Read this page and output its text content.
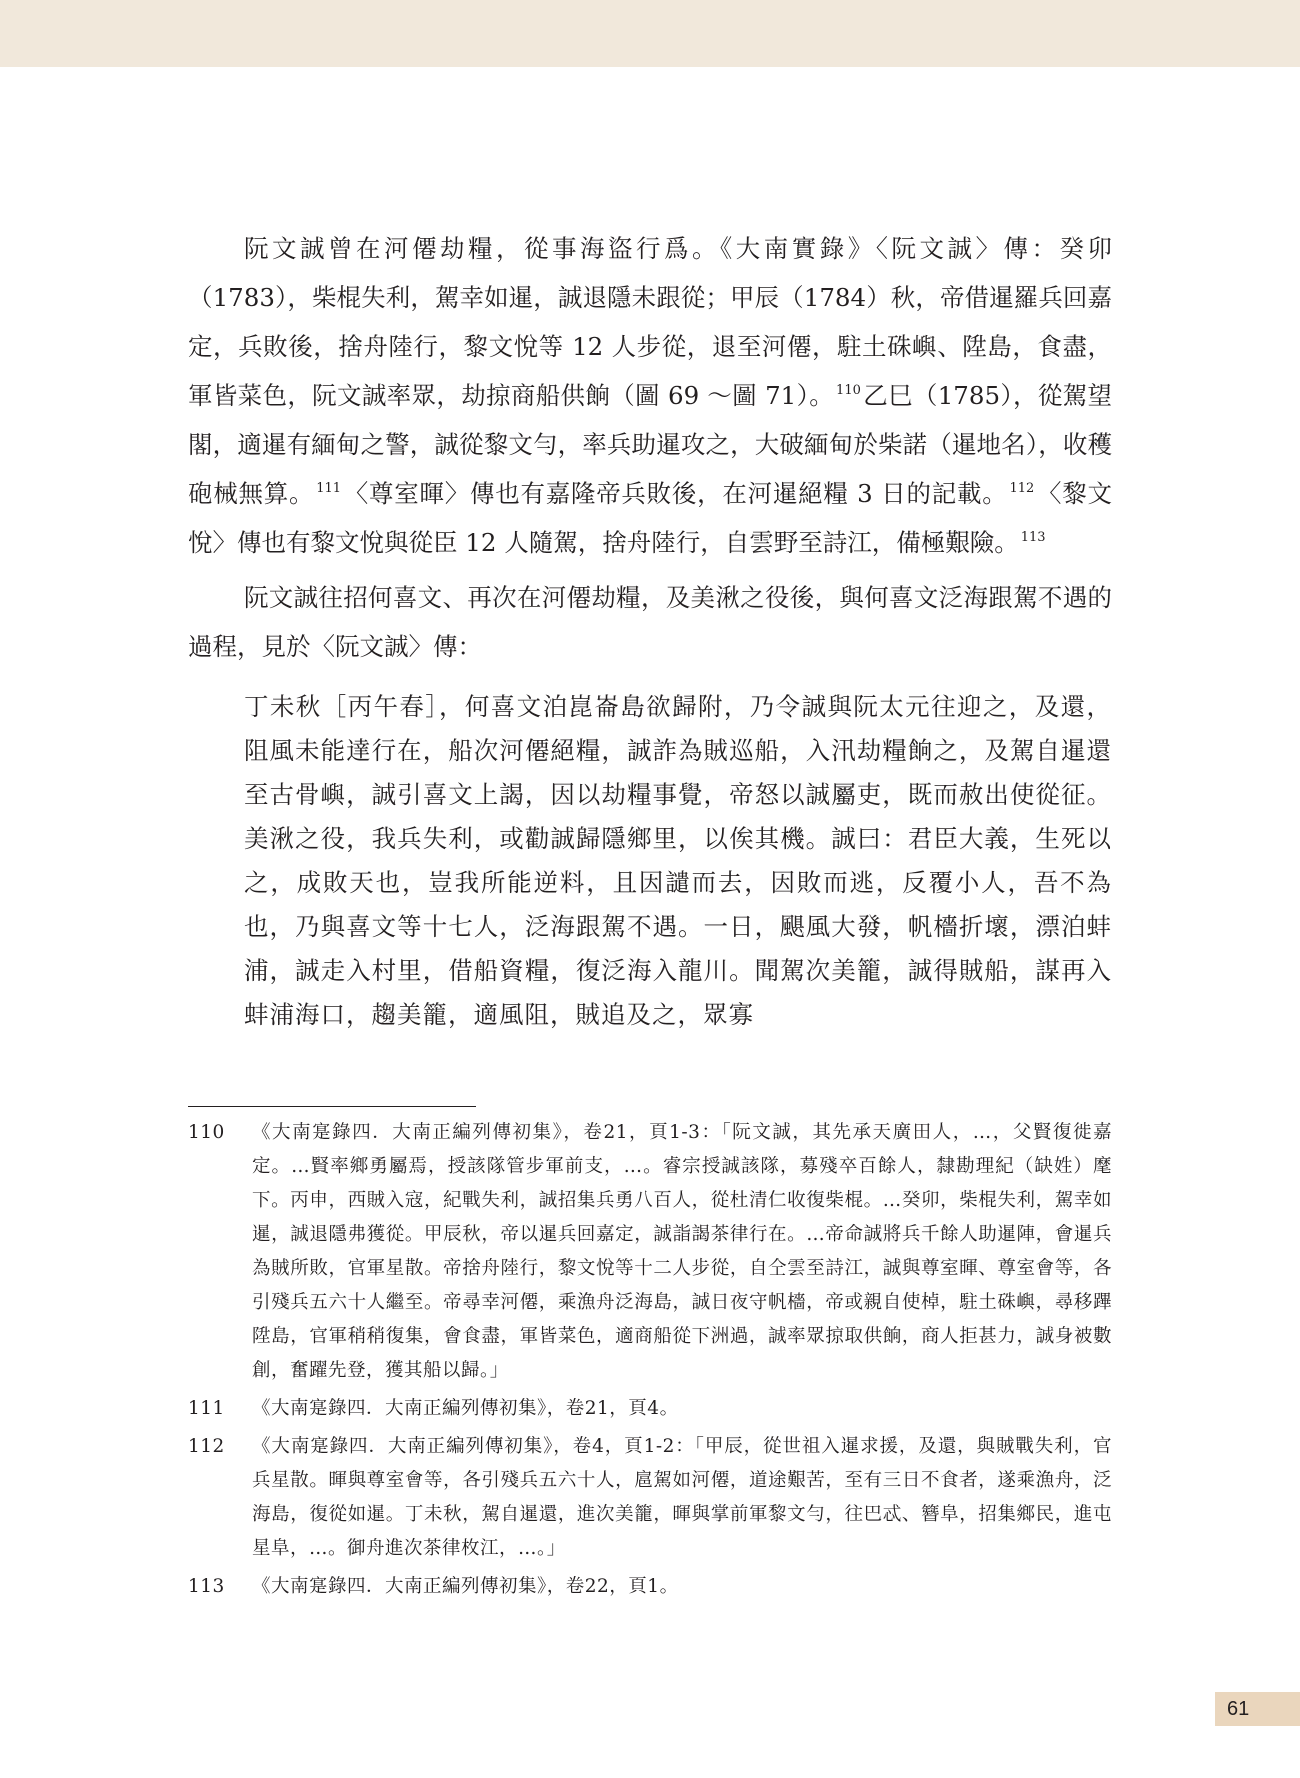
阮文誠曾在河僊劫糧，從事海盜行爲。《大南實錄》〈阮文誠〉傳：癸卯（1783），柴棍失利，駕幸如暹，誠退隱未跟從；甲辰（1784）秋，帝借暹羅兵回嘉定，兵敗後，捨舟陸行，黎文悅等 12 人步從，退至河僊，駐土硃嶼、陞島，食盡，軍皆菜色，阮文誠率眾，劫掠商船供餉（圖 69 ～圖 71）。 $^{110}$乙巳（1785），從駕望閣，適暹有緬甸之警，誠從黎文勻，率兵助暹攻之，大破緬甸於柴諾（暹地名），收穫砲械無算。 $^{111}$〈尊室暉〉傳也有嘉隆帝兵敗後，在河暹絕糧 3 日的記載。 $^{112}$〈黎文悅〉傳也有黎文悅與從臣 12 人隨駕，捨舟陸行，自雲野至詩江，備極艱險。 $^{113}$

阮文誠往招何喜文、再次在河僊劫糧，及美湫之役後，與何喜文泛海跟駕不遇的過程，見於〈阮文誠〉傳：

丁未秋［丙午春］，何喜文泊崑崙島欲歸附，乃令誠與阮太元往迎之，及還，阻風未能達行在，船次河僊絕糧，誠詐為賊巡船，入汛劫糧餉之，及駕自暹還至古骨嶼，誠引喜文上謁，因以劫糧事覺，帝怒以誠屬吏，既而赦出使從征。美湫之役，我兵失利，或勸誠歸隱鄉里，以俟其機。誠曰：君臣大義，生死以之，成敗天也，豈我所能逆料，且因譴而去，因敗而逃，反覆小人，吾不為也，乃與喜文等十七人，泛海跟駕不遇。一日，颶風大發，帆檣折壞，漂泊蚌浦，誠走入村里，借船資糧，復泛海入龍川。聞駕次美籠，誠得賊船，謀再入蚌浦海口，趨美籠，適風阻，賊追及之，眾寡

110	《大南寔錄四．大南正編列傳初集》，卷21，頁1-3：「阮文誠，其先承天廣田人，…，父賢復徙嘉定。…賢率鄉勇屬焉，授該隊管步軍前支，…。睿宗授誠該隊，募殘卒百餘人，隸勘理紀（缺姓）麾下。丙申，西賊入寇，紀戰失利，誠招集兵勇八百人，從杜清仁收復柴棍。…癸卯，柴棍失利，駕幸如暹，誠退隱弗獲從。甲辰秋，帝以暹兵回嘉定，誠詣謁茶律行在。…帝命誠將兵千餘人助暹陣，會暹兵為賊所敗，官軍星散。帝捨舟陸行，黎文悅等十二人步從，自仝雲至詩江，誠與尊室暉、尊室會等，各引殘兵五六十人繼至。帝尋幸河僊，乘漁舟泛海島，誠日夜守帆檣，帝或親自使棹，駐土硃嶼，尋移蹕陞島，官軍稍稍復集，會食盡，軍皆菜色，適商船從下洲過，誠率眾掠取供餉，商人拒甚力，誠身被數創，奮躍先登，獲其船以歸。」
111	《大南寔錄四．大南正編列傳初集》，卷21，頁4。
112	《大南寔錄四．大南正編列傳初集》，卷4，頁1-2：「甲辰，從世祖入暹求援，及還，與賊戰失利，官兵星散。暉與尊室會等，各引殘兵五六十人，扈駕如河僊，道途艱苦，至有三日不食者，遂乘漁舟，泛海島，復從如暹。丁未秋，駕自暹還，進次美籠，暉與掌前軍黎文勻，往巴忒、簪阜，招集鄉民，進屯星阜，…。御舟進次茶律枚江，…。」
113	《大南寔錄四．大南正編列傳初集》，卷22，頁1。
61
